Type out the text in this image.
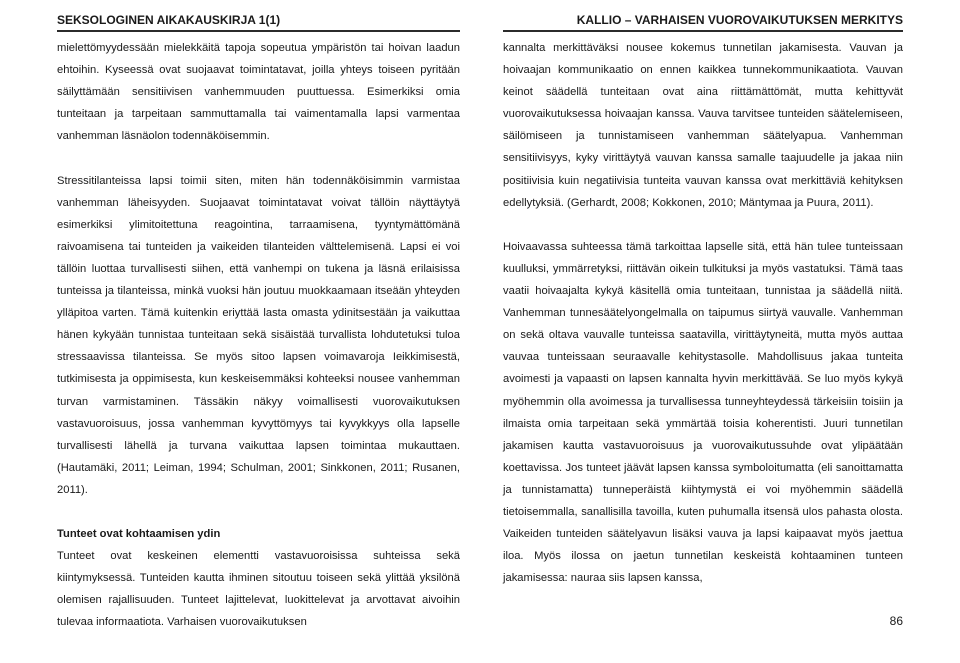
SEKSOLOGINEN AIKAKAUSKIRJA 1(1)	KALLIO – VARHAISEN VUOROVAIKUTUKSEN MERKITYS

mielettömyydessään mielekkäitä tapoja sopeutua ympäristön tai hoivan laadun ehtoihin. Kyseessä ovat suojaavat toimintatavat, joilla yhteys toiseen pyritään säilyttämään sensitiivisen vanhemmuuden puuttuessa. Esimerkiksi omia tunteitaan ja tarpeitaan sammuttamalla tai vaimentamalla lapsi varmentaa vanhemman läsnäolon todennäköisemmin.

Stressitilanteissa lapsi toimii siten, miten hän todennäköisimmin varmistaa vanhemman läheisyyden. Suojaavat toimintatavat voivat tällöin näyttäytyä esimerkiksi ylimitoitettuna reagointina, tarraamisena, tyyntymättömänä raivoamisena tai tunteiden ja vaikeiden tilanteiden välttelemisenä. Lapsi ei voi tällöin luottaa turvallisesti siihen, että vanhempi on tukena ja läsnä erilaisissa tunteissa ja tilanteissa, minkä vuoksi hän joutuu muokkaamaan itseään yhteyden ylläpitoa varten. Tämä kuitenkin eriyttää lasta omasta ydinitsestään ja vaikuttaa hänen kykyään tunnistaa tunteitaan sekä sisäistää turvallista lohdutetuksi tuloa stressaavissa tilanteissa. Se myös sitoo lapsen voimavaroja Ieikkimisestä, tutkimisesta ja oppimisesta, kun keskeisemmäksi kohteeksi nousee vanhemman turvan varmistaminen. Tässäkin näkyy voimallisesti vuorovaikutuksen vastavuoroisuus, jossa vanhemman kyvyttömyys tai kyvykkyys olla lapselle turvallisesti lähellä ja turvana vaikuttaa lapsen toimintaa mukauttaen. (Hautamäki, 2011; Leiman, 1994; Schulman, 2001; Sinkkonen, 2011; Rusanen, 2011).

Tunteet ovat kohtaamisen ydin

Tunteet ovat keskeinen elementti vastavuoroisissa suhteissa sekä kiintymyksessä. Tunteiden kautta ihminen sitoutuu toiseen sekä ylittää yksilönä olemisen rajallisuuden. Tunteet lajittelevat, luokittelevat ja arvottavat aivoihin tulevaa informaatiota. Varhaisen vuorovaikutuksen

kannalta merkittäväksi nousee kokemus tunnetilan jakamisesta. Vauvan ja hoivaajan kommunikaatio on ennen kaikkea tunnekommunikaatiota. Vauvan keinot säädellä tunteitaan ovat aina riittämättömät, mutta kehittyvät vuorovaikutuksessa hoivaajan kanssa. Vauva tarvitsee tunteiden säätelemiseen, säilömiseen ja tunnistamiseen vanhemman säätelyapua. Vanhemman sensitiivisyys, kyky virittäytyä vauvan kanssa samalle taajuudelle ja jakaa niin positiivisia kuin negatiivisia tunteita vauvan kanssa ovat merkittäviä kehityksen edellytyksiä. (Gerhardt, 2008; Kokkonen, 2010; Mäntymaa ja Puura, 2011).

Hoivaavassa suhteessa tämä tarkoittaa lapselle sitä, että hän tulee tunteissaan kuulluksi, ymmärretyksi, riittävän oikein tulkituksi ja myös vastatuksi. Tämä taas vaatii hoivaajalta kykyä käsitellä omia tunteitaan, tunnistaa ja säädellä niitä. Vanhemman tunnesäätelyongelmalla on taipumus siirtyä vauvalle. Vanhemman on sekä oltava vauvalle tunteissa saatavilla, virittäytyneitä, mutta myös auttaa vauvaa tunteissaan seuraavalle kehitystasolle. Mahdollisuus jakaa tunteita avoimesti ja vapaasti on lapsen kannalta hyvin merkittävää. Se luo myös kykyä myöhemmin olla avoimessa ja turvallisessa tunneyhteydessä tärkeisiin toisiin ja ilmaista omia tarpeitaan sekä ymmärtää toisia koherentisti. Juuri tunnetilan jakamisen kautta vastavuoroisuus ja vuorovaikutussuhde ovat ylipäätään koettavissa. Jos tunteet jäävät lapsen kanssa symboloitumatta (eli sanoittamatta ja tunnistamatta) tunneperäistä kiihtymystä ei voi myöhemmin säädellä tietoisemmalla, sanallisilla tavoilla, kuten puhumalla itsensä ulos pahasta olosta. Vaikeiden tunteiden säätelyavun lisäksi vauva ja lapsi kaipaavat myös jaettua iloa. Myös ilossa on jaetun tunnetilan keskeistä kohtaaminen tunteen jakamisessa: nauraa siis lapsen kanssa,

86
